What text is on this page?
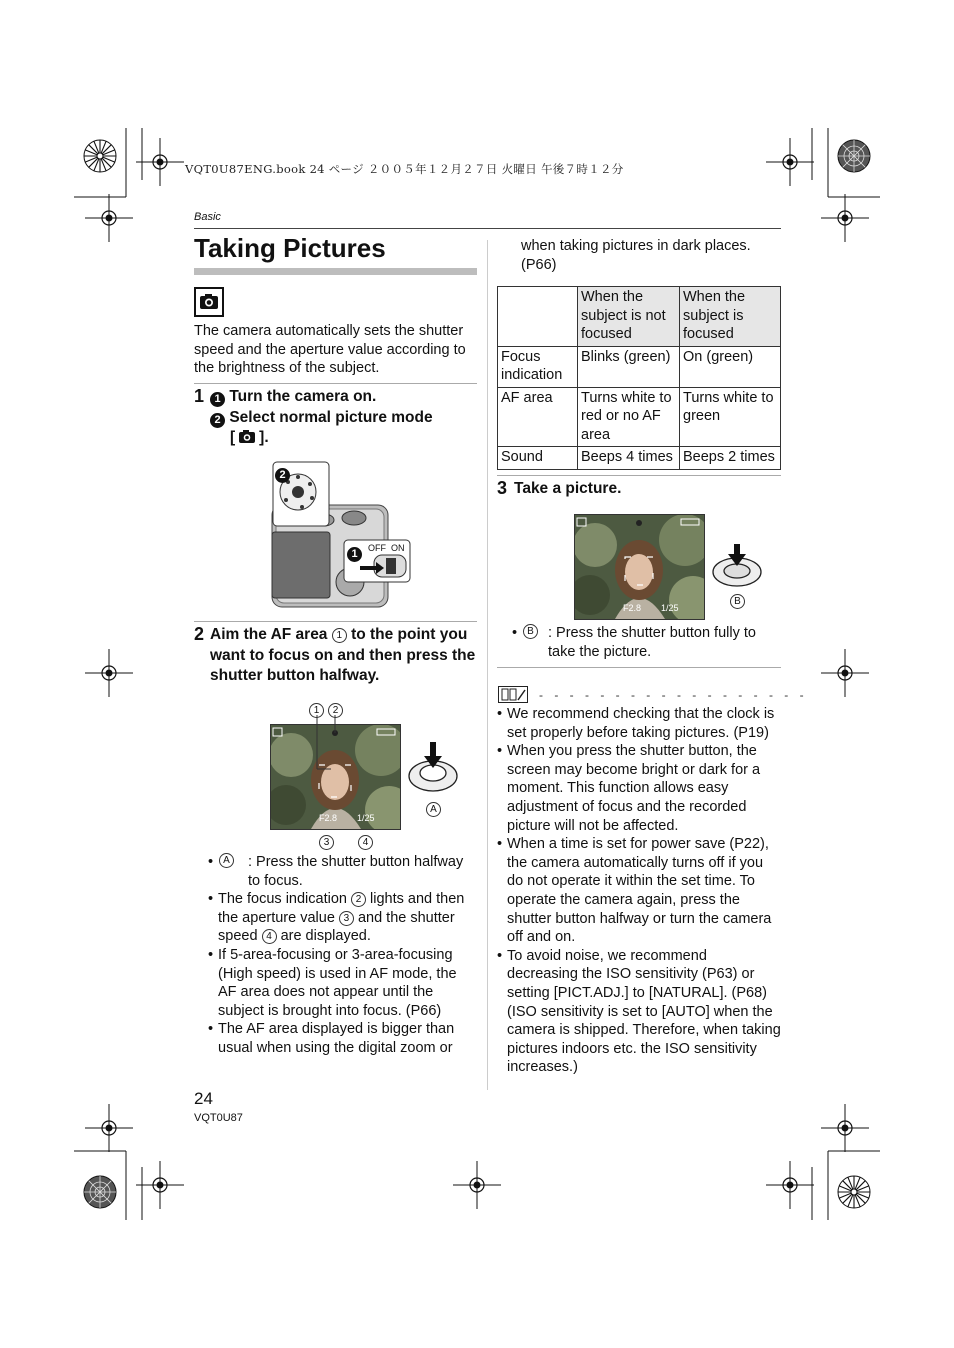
VQT0U87ENG.book 24 ページ ２００５年１２月２７日 火曜日 午後７時１２分
Basic
Taking Pictures

The camera automatically sets the shutter speed and the aperture value according to the brightness of the subject.

1 1 Turn the camera on.

2 Select normal picture mode

[ ].

2
1	OFF  ON
2 Aim the AF area 1 to the point you want to focus on and then press the shutter button halfway.

F2.8 1/25
1	2
3	4
A
• A : Press the shutter button halfway to focus.
• The focus indication 2 lights and then the aperture value 3 and the shutter speed 4 are displayed.
• If 5-area-focusing or 3-area-focusing (High speed) is used in AF mode, the AF area does not appear until the subject is brought into focus. (P66)
• The AF area displayed is bigger than usual when using the digital zoom or

when taking pictures in dark places. (P66)

	When the subject is not focused	When the subject is focused
Focus indication	Blinks (green)	On (green)
AF area	Turns white to red or no AF area	Turns white to green
Sound	Beeps 4 times	Beeps 2 times
3 Take a picture.

F2.8 1/25
B
• B : Press the shutter button fully to take the picture.
- - - - - - - - - - - - - - - - - -
• We recommend checking that the clock is set properly before taking pictures. (P19)
• When you press the shutter button, the screen may become bright or dark for a moment. This function allows easy adjustment of focus and the recorded picture will not be affected.
• When a time is set for power save (P22), the camera automatically turns off if you do not operate it within the set time. To operate the camera again, press the shutter button halfway or turn the camera off and on.
• To avoid noise, we recommend decreasing the ISO sensitivity (P63) or setting [PICT.ADJ.] to [NATURAL]. (P68) (ISO sensitivity is set to [AUTO] when the camera is shipped. Therefore, when taking pictures indoors etc. the ISO sensitivity increases.)
24
VQT0U87
